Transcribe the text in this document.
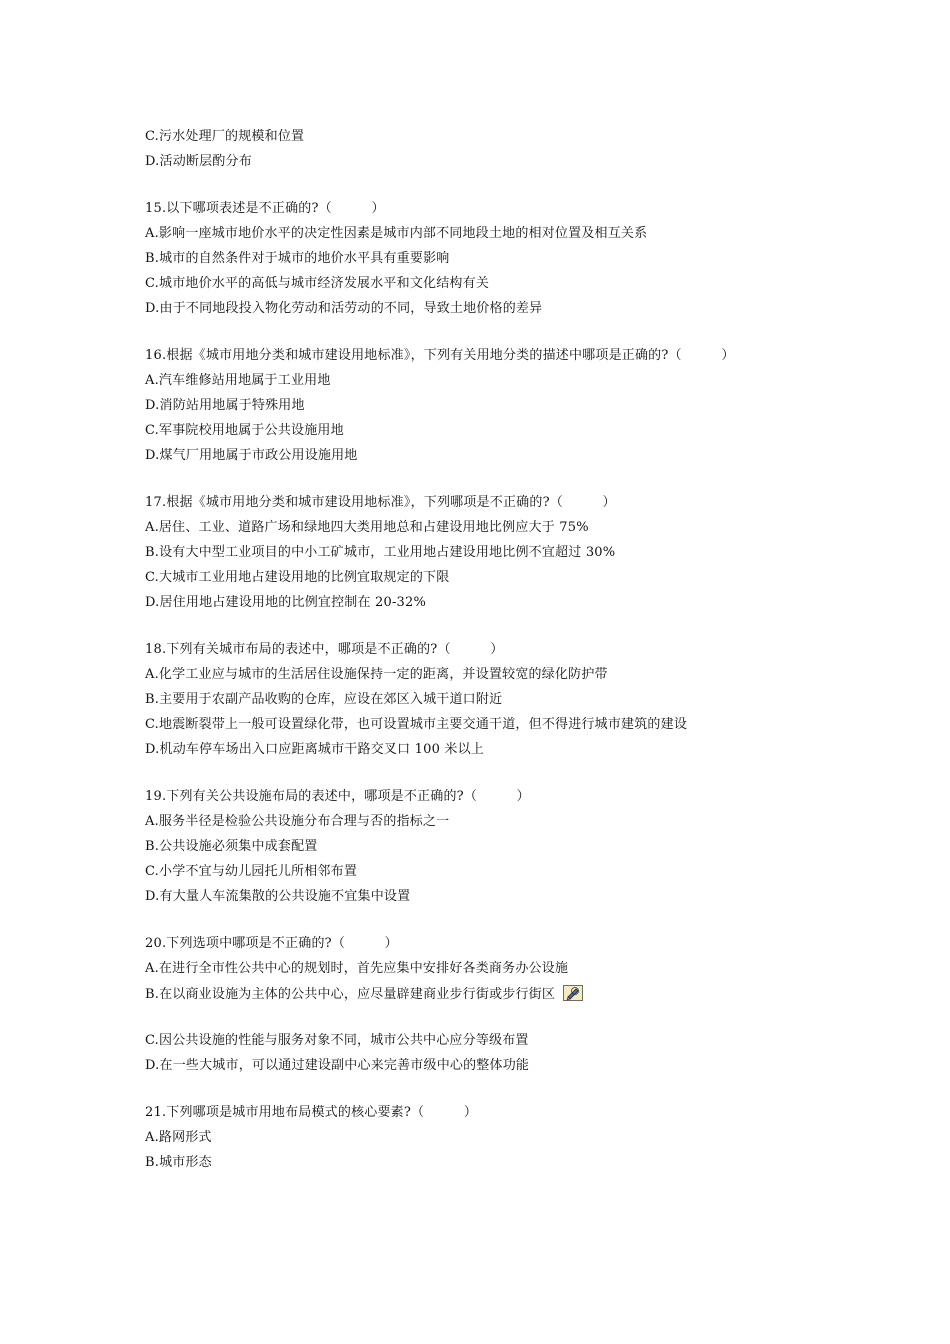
C.污水处理厂的规模和位置
D.活动断层酌分布
15.以下哪项表述是不正确的?（　　　）
A.影响一座城市地价水平的决定性因素是城市内部不同地段土地的相对位置及相互关系
B.城市的自然条件对于城市的地价水平具有重要影响
C.城市地价水平的高低与城市经济发展水平和文化结构有关
D.由于不同地段投入物化劳动和活劳动的不同，导致土地价格的差异
16.根据《城市用地分类和城市建设用地标准》，下列有关用地分类的描述中哪项是正确的?（　　　）
A.汽车维修站用地属于工业用地
D.消防站用地属于特殊用地
C.军事院校用地属于公共设施用地
D.煤气厂用地属于市政公用设施用地
17.根据《城市用地分类和城市建设用地标准》，下列哪项是不正确的?（　　　）
A.居住、工业、道路广场和绿地四大类用地总和占建设用地比例应大于 75%
B.设有大中型工业项目的中小工矿城市，工业用地占建设用地比例不宜超过 30%
C.大城市工业用地占建设用地的比例宜取规定的下限
D.居住用地占建设用地的比例宜控制在 20-32%
18.下列有关城市布局的表述中，哪项是不正确的?（　　　）
A.化学工业应与城市的生活居住设施保持一定的距离，并设置较宽的绿化防护带
B.主要用于农副产品收购的仓库，应设在郊区入城干道口附近
C.地震断裂带上一般可设置绿化带，也可设置城市主要交通干道，但不得进行城市建筑的建设
D.机动车停车场出入口应距离城市干路交叉口 100 米以上
19.下列有关公共设施布局的表述中，哪项是不正确的?（　　　）
A.服务半径是检验公共设施分布合理与否的指标之一
B.公共设施必须集中成套配置
C.小学不宜与幼儿园托儿所相邻布置
D.有大量人车流集散的公共设施不宜集中设置
20.下列选项中哪项是不正确的?（　　　）
A.在进行全市性公共中心的规划时，首先应集中安排好各类商务办公设施
B.在以商业设施为主体的公共中心，应尽量辟建商业步行街或步行街区
C.因公共设施的性能与服务对象不同，城市公共中心应分等级布置
D.在一些大城市，可以通过建设副中心来完善市级中心的整体功能
21.下列哪项是城市用地布局模式的核心要素?（　　　）
A.路网形式
B.城市形态
